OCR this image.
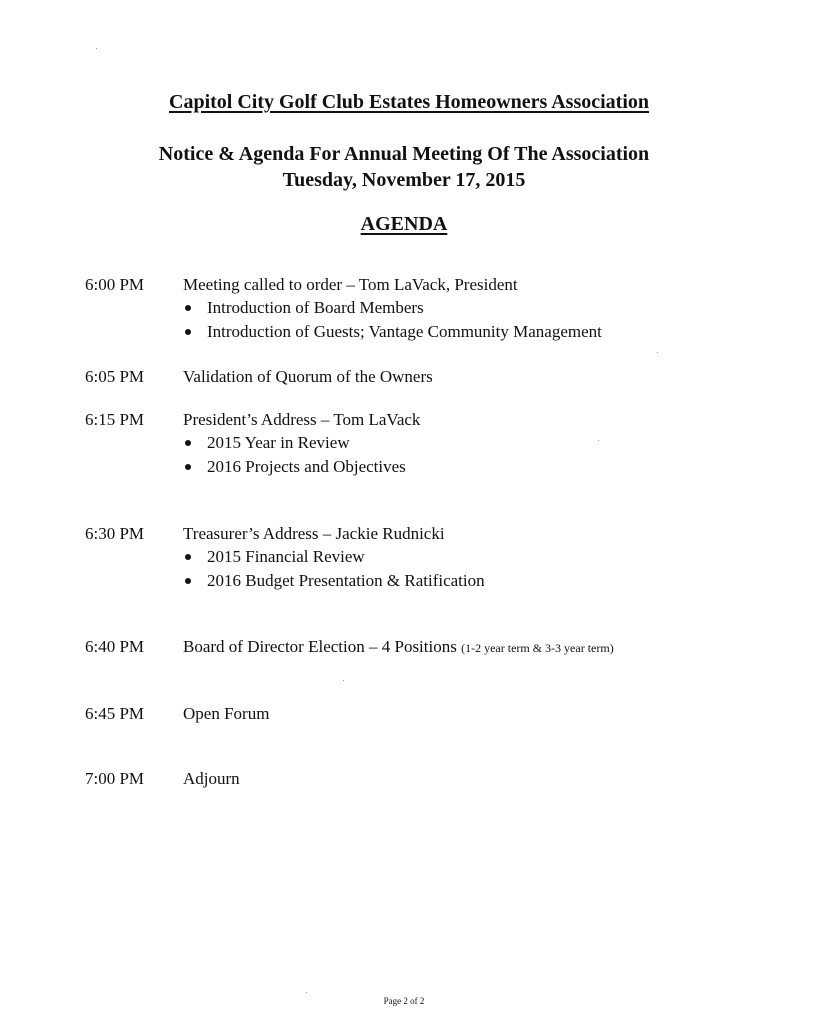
Capitol City Golf Club Estates Homeowners Association
Notice & Agenda For Annual Meeting Of The Association
Tuesday, November 17, 2015
AGENDA
6:00 PM Meeting called to order – Tom LaVack, President
Introduction of Board Members
Introduction of Guests; Vantage Community Management
6:05 PM Validation of Quorum of the Owners
6:15 PM President’s Address – Tom LaVack
2015 Year in Review
2016 Projects and Objectives
6:30 PM Treasurer’s Address – Jackie Rudnicki
2015 Financial Review
2016 Budget Presentation & Ratification
6:40 PM Board of Director Election – 4 Positions (1-2 year term & 3-3 year term)
6:45 PM Open Forum
7:00 PM Adjourn
Page 2 of 2
